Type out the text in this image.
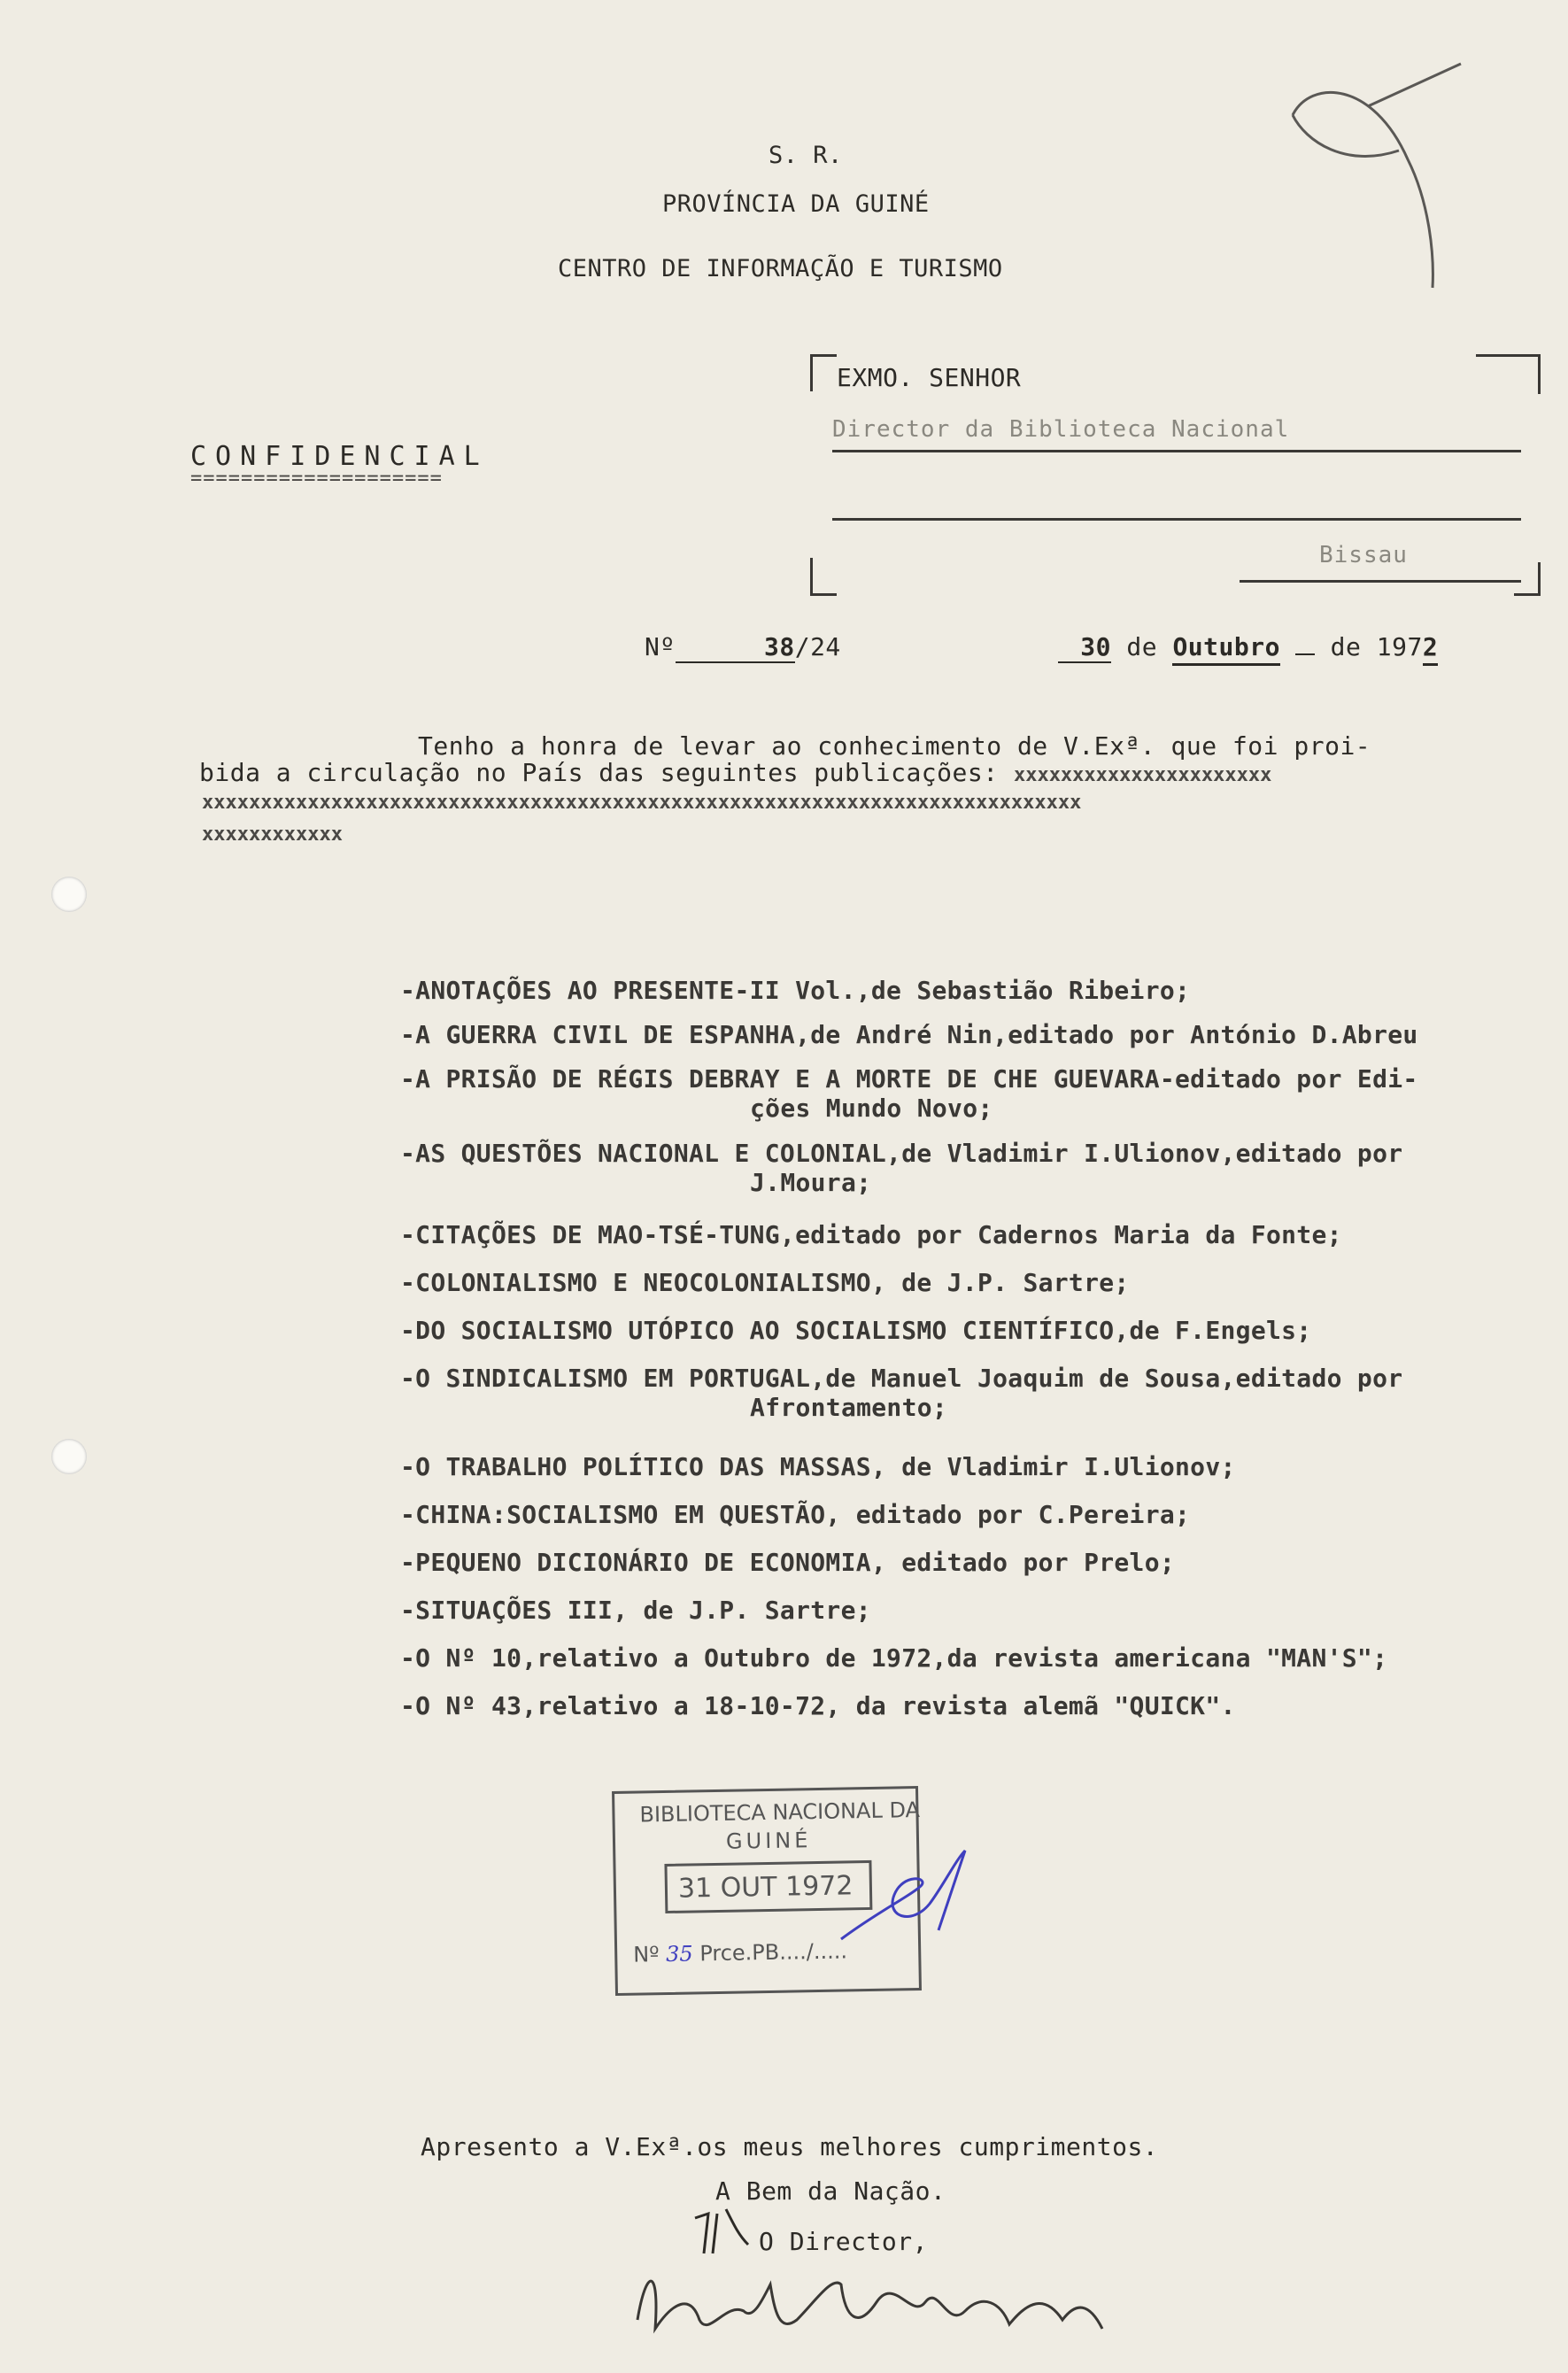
S. R.
PROVÍNCIA DA GUINÉ
CENTRO DE INFORMAÇÃO E TURISMO
EXMO. SENHOR
Director da Biblioteca Nacional
Bissau
CONFIDENCIAL
====================
Nº	38/24	30 de Outubro de 1972
Tenho a honra de levar ao conhecimento de V.Exª. que foi proi-
bida a circulação no País das seguintes publicações: xxxxxxxxxxxxxxxxxxxxxx
xxxxxxxxxxxxxxxxxxxxxxxxxxxxxxxxxxxxxxxxxxxxxxxxxxxxxxxxxxxxxxxxxxxxxxxxxxx
xxxxxxxxxxxx
-ANOTAÇÕES AO PRESENTE-II Vol.,de Sebastião Ribeiro;
-A GUERRA CIVIL DE ESPANHA,de André Nin,editado por António D.Abreu
-A PRISÃO DE RÉGIS DEBRAY E A MORTE DE CHE GUEVARA-editado por Edi-
ções Mundo Novo;
-AS QUESTÕES NACIONAL E COLONIAL,de Vladimir I.Ulionov,editado por
J.Moura;
-CITAÇÕES DE MAO-TSÉ-TUNG,editado por Cadernos Maria da Fonte;
-COLONIALISMO E NEOCOLONIALISMO, de J.P. Sartre;
-DO SOCIALISMO UTÓPICO AO SOCIALISMO CIENTÍFICO,de F.Engels;
-O SINDICALISMO EM PORTUGAL,de Manuel Joaquim de Sousa,editado por
Afrontamento;
-O TRABALHO POLÍTICO DAS MASSAS, de Vladimir I.Ulionov;
-CHINA:SOCIALISMO EM QUESTÃO, editado por C.Pereira;
-PEQUENO DICIONÁRIO DE ECONOMIA, editado por Prelo;
-SITUAÇÕES III, de J.P. Sartre;
-O Nº 10,relativo a Outubro de 1972,da revista americana "MAN'S";
-O Nº 43,relativo a 18-10-72, da revista alemã "QUICK".
BIBLIOTECA NACIONAL DA
GUINÉ
31 OUT 1972
Nº 35 Prce.PB..../.....
Apresento a V.Exª.os meus melhores cumprimentos.
A Bem da Nação.
O Director,
